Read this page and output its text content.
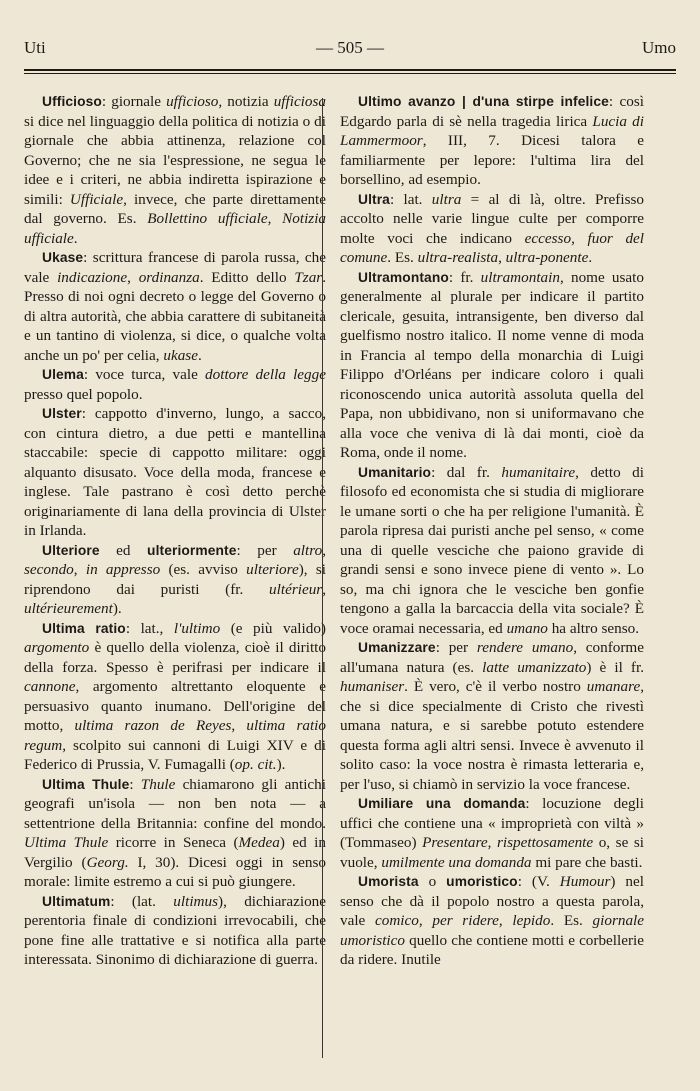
Uti	— 505 —	Umo

Ufficioso: giornale ufficioso, notizia ufficiosa si dice nel linguaggio della politica di notizia o di giornale che abbia attinenza, relazione col Governo; che ne sia l'espressione, ne segua le idee e i criteri, ne abbia indiretta ispirazione e simili: Ufficiale, invece, che parte direttamente dal governo. Es. Bollettino ufficiale, Notizia ufficiale.

Ukase: scrittura francese di parola russa, che vale indicazione, ordinanza. Editto dello Tzar. Presso di noi ogni decreto o legge del Governo o di altra autorità, che abbia carattere di subitaneità e un tantino di violenza, si dice, o qualche volta anche un po' per celia, ukase.

Ulema: voce turca, vale dottore della legge presso quel popolo.

Ulster: cappotto d'inverno, lungo, a sacco, con cintura dietro, a due petti e mantellina staccabile: specie di cappotto militare: oggi alquanto disusato. Voce della moda, francese e inglese. Tale pastrano è così detto perchè originariamente di lana della provincia di Ulster in Irlanda.

Ulteriore ed ulteriormente: per altro, secondo, in appresso (es. avviso ulteriore), si riprendono dai puristi (fr. ultérieur, ultérieurement).

Ultima ratio: lat., l'ultimo (e più valido) argomento è quello della violenza, cioè il diritto della forza. Spesso è perifrasi per indicare il cannone, argomento altrettanto eloquente e persuasivo quanto inumano. Dell'origine del motto, ultima razon de Reyes, ultima ratio regum, scolpito sui cannoni di Luigi XIV e di Federico di Prussia, V. Fumagalli (op. cit.).

Ultima Thule: Thule chiamarono gli antichi geografi un'isola — non ben nota — a settentrione della Britannia: confine del mondo. Ultima Thule ricorre in Seneca (Medea) ed in Vergilio (Georg. I, 30). Dicesi oggi in senso morale: limite estremo a cui si può giungere.

Ultimatum: (lat. ultimus), dichiarazione perentoria finale di condizioni irrevocabili, che pone fine alle trattative e si notifica alla parte interessata. Sinonimo di dichiarazione di guerra.

Ultimo avanzo | d'una stirpe infelice: così Edgardo parla di sè nella tragedia lirica Lucia di Lammermoor, III, 7. Dicesi talora e familiarmente per lepore: l'ultima lira del borsellino, ad esempio.

Ultra: lat. ultra = al di là, oltre. Prefisso accolto nelle varie lingue culte per comporre molte voci che indicano eccesso, fuor del comune. Es. ultra-realista, ultra-ponente.

Ultramontano: fr. ultramontain, nome usato generalmente al plurale per indicare il partito clericale, gesuita, intransigente, ben diverso dal guelfismo nostro italico. Il nome venne di moda in Francia al tempo della monarchia di Luigi Filippo d'Orléans per indicare coloro i quali riconoscendo unica autorità assoluta quella del Papa, non ubbidivano, non si uniformavano che alla voce che veniva di là dai monti, cioè da Roma, onde il nome.

Umanitario: dal fr. humanitaire, detto di filosofo ed economista che si studia di migliorare le umane sorti o che ha per religione l'umanità. È parola ripresa dai puristi anche pel senso, « come una di quelle vesciche che paiono gravide di grandi sensi e sono invece piene di vento ». Lo so, ma chi ignora che le vesciche ben gonfie tengono a galla la barcaccia della vita sociale? È voce oramai necessaria, ed umano ha altro senso.

Umanizzare: per rendere umano, conforme all'umana natura (es. latte umanizzato) è il fr. humaniser. È vero, c'è il verbo nostro umanare, che si dice specialmente di Cristo che rivestì umana natura, e si sarebbe potuto estendere questa forma agli altri sensi. Invece è avvenuto il solito caso: la voce nostra è rimasta letteraria e, per l'uso, si chiamò in servizio la voce francese.

Umiliare una domanda: locuzione degli uffici che contiene una « improprietà con viltà » (Tommaseo) Presentare, rispettosamente o, se si vuole, umilmente una domanda mi pare che basti.

Umorista o umoristico: (V. Humour) nel senso che dà il popolo nostro a questa parola, vale comico, per ridere, lepido. Es. giornale umoristico quello che contiene motti e corbellerie da ridere. Inutile
